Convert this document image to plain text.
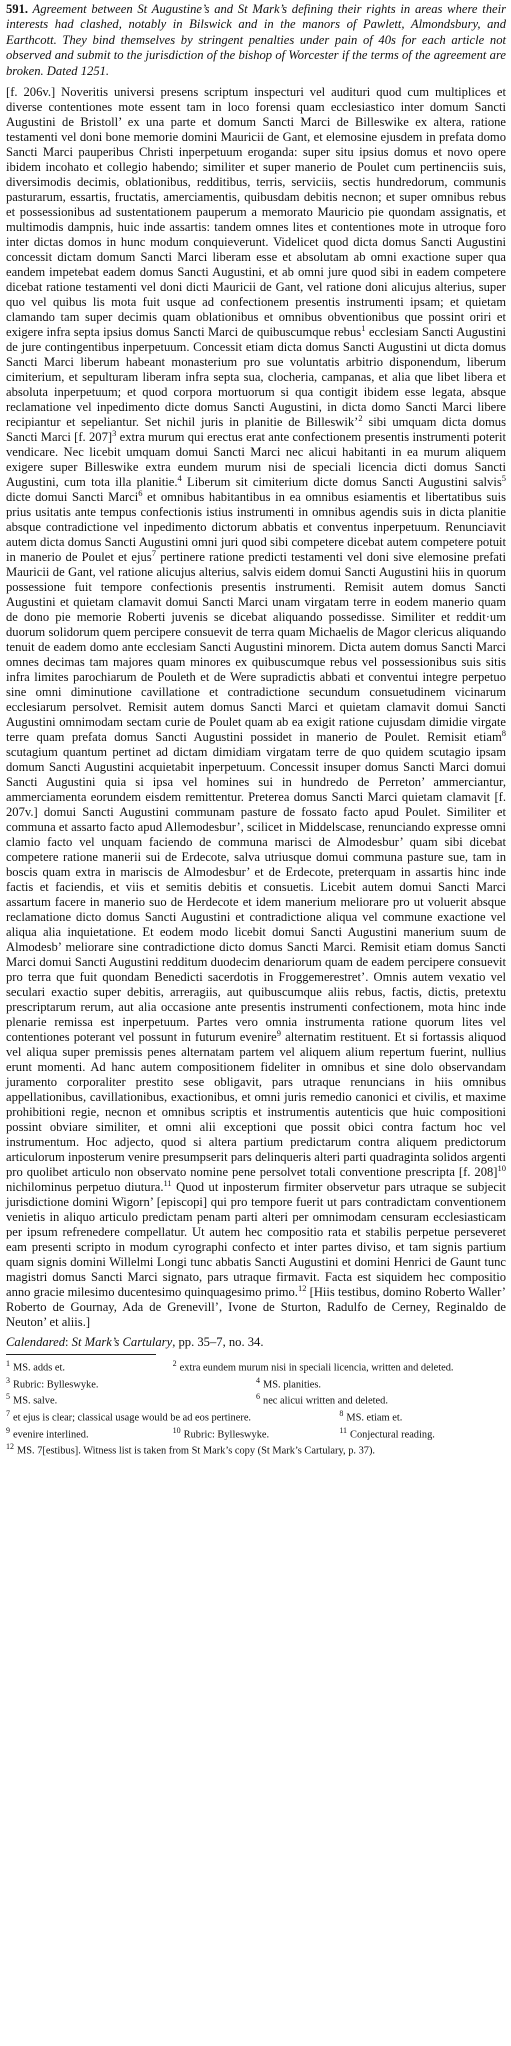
591. Agreement between St Augustine’s and St Mark’s defining their rights in areas where their interests had clashed, notably in Bilswick and in the manors of Pawlett, Almondsbury, and Earthcott. They bind themselves by stringent penalties under pain of 40s for each article not observed and submit to the jurisdiction of the bishop of Worcester if the terms of the agreement are broken. Dated 1251.

[f. 206v.] Noveritis universi presens scriptum inspecturi vel audituri quod cum multiplices et diverse contentiones mote essent tam in loco forensi quam ecclesiastico inter domum Sancti Augustini de Bristoll’ ex una parte et domum Sancti Marci de Billeswike ex altera, ratione testamenti vel doni bone memorie domini Mauricii de Gant, et elemosine ejusdem in prefata domo Sancti Marci pauperibus Christi inperpetuum eroganda: super situ ipsius domus et novo opere ibidem incohato et collegio habendo; similiter et super manerio de Poulet cum pertinenciis suis, diversimodis decimis, oblationibus, redditibus, terris, serviciis, sectis hundredorum, communis pasturarum, essartis, fructatis, amerciamentis, quibusdam debitis necnon; et super omnibus rebus et possessionibus ad sustentationem pauperum a memorato Mauricio pie quondam assignatis, et multimodis dampnis, huic inde assartis: tandem omnes lites et contentiones mote in utroque foro inter dictas domos in hunc modum conquieverunt. Videlicet quod dicta domus Sancti Augustini concessit dictam domum Sancti Marci liberam esse et absolutam ab omni exactione super qua eandem impetebat eadem domus Sancti Augustini, et ab omni jure quod sibi in eadem competere dicebat ratione testamenti vel doni dicti Mauricii de Gant, vel ratione doni alicujus alterius, super quo vel quibus lis mota fuit usque ad confectionem presentis instrumenti ipsam; et quietam clamando tam super decimis quam oblationibus et omnibus obventionibus que possint oriri et exigere infra septa ipsius domus Sancti Marci de quibuscumque rebus$^1$ ecclesiam Sancti Augustini de jure contingentibus inperpetuum. Concessit etiam dicta domus Sancti Augustini ut dicta domus Sancti Marci liberum habeant monasterium pro sue voluntatis arbitrio disponendum, liberum cimiterium, et sepulturam liberam infra septa sua, clocheria, campanas, et alia que libet libera et absoluta inperpetuum; et quod corpora mortuorum si qua contigit ibidem esse legata, absque reclamatione vel inpedimento dicte domus Sancti Augustini, in dicta domo Sancti Marci libere recipiantur et sepeliantur. Set nichil juris in planitie de Billeswik’$^2$ sibi umquam dicta domus Sancti Marci [f. 207]$^3$ extra murum qui erectus erat ante confectionem presentis instrumenti poterit vendicare. Nec licebit umquam domui Sancti Marci nec alicui habitanti in ea murum aliquem exigere super Billeswike extra eundem murum nisi de speciali licencia dicti domus Sancti Augustini, cum tota illa planitie.$^4$ Liberum sit cimiterium dicte domus Sancti Augustini salvis$^5$ dicte domui Sancti Marci$^6$ et omnibus habitantibus in ea omnibus esiamentis et libertatibus suis prius usitatis ante tempus confectionis istius instrumenti in omnibus agendis suis in dicta planitie absque contradictione vel inpedimento dictorum abbatis et conventus inperpetuum. Renunciavit autem dicta domus Sancti Augustini omni juri quod sibi competere dicebat autem competere potuit in manerio de Poulet et ejus$^7$ pertinere ratione predicti testamenti vel doni sive elemosine prefati Mauricii de Gant, vel ratione alicujus alterius, salvis eidem domui Sancti Augustini hiis in quorum possessione fuit tempore confectionis presentis instrumenti. Remisit autem domus Sancti Augustini et quietam clamavit domui Sancti Marci unam virgatam terre in eodem manerio quam de dono pie memorie Roberti juvenis se dicebat aliquando possedisse. Similiter et reddit·um duorum solidorum quem percipere consuevit de terra quam Michaelis de Magor clericus aliquando tenuit de eadem domo ante ecclesiam Sancti Augustini minorem. Dicta autem domus Sancti Marci omnes decimas tam majores quam minores ex quibuscumque rebus vel possessionibus suis sitis infra limites parochiarum de Pouleth et de Were supradictis abbati et conventui integre perpetuo sine omni diminutione cavillatione et contradictione secundum consuetudinem vicinarum ecclesiarum persolvet. Remisit autem domus Sancti Marci et quietam clamavit domui Sancti Augustini omnimodam sectam curie de Poulet quam ab ea exigit ratione cujusdam dimidie virgate terre quam prefata domus Sancti Augustini possidet in manerio de Poulet. Remisit etiam$^8$ scutagium quantum pertinet ad dictam dimidiam virgatam terre de quo quidem scutagio ipsam domum Sancti Augustini acquietabit inperpetuum. Concessit insuper domus Sancti Marci domui Sancti Augustini quia si ipsa vel homines sui in hundredo de Perreton’ ammerciantur, ammerciamenta eorundem eisdem remittentur. Preterea domus Sancti Marci quietam clamavit [f. 207v.] domui Sancti Augustini communam pasture de fossato facto apud Poulet. Similiter et communa et assarto facto apud Allemodesbur’, scilicet in Middelscase, renunciando expresse omni clamio facto vel unquam faciendo de communa marisci de Almodesbur’ quam sibi dicebat competere ratione manerii sui de Erdecote, salva utriusque domui communa pasture sue, tam in boscis quam extra in mariscis de Almodesbur’ et de Erdecote, preterquam in assartis hinc inde factis et faciendis, et viis et semitis debitis et consuetis. Licebit autem domui Sancti Marci assartum facere in manerio suo de Herdecote et idem manerium meliorare pro ut voluerit absque reclamatione dicto domus Sancti Augustini et contradictione aliqua vel commune exactione vel aliqua alia inquietatione. Et eodem modo licebit domui Sancti Augustini manerium suum de Almodesb’ meliorare sine contradictione dicto domus Sancti Marci. Remisit etiam domus Sancti Marci domui Sancti Augustini redditum duodecim denariorum quam de eadem percipere consuevit pro terra que fuit quondam Benedicti sacerdotis in Froggemerestret’. Omnis autem vexatio vel seculari exactio super debitis, arreragiis, aut quibuscumque aliis rebus, factis, dictis, pretextu prescriptarum rerum, aut alia occasione ante presentis instrumenti confectionem, mota hinc inde plenarie remissa est inperpetuum. Partes vero omnia instrumenta ratione quorum lites vel contentiones poterant vel possunt in futurum evenire$^9$ alternatim restituent. Et si fortassis aliquod vel aliqua super premissis penes alternatam partem vel aliquem alium repertum fuerint, nullius erunt momenti. Ad hanc autem compositionem fideliter in omnibus et sine dolo observandam juramento corporaliter prestito sese obligavit, pars utraque renuncians in hiis omnibus appellationibus, cavillationibus, exactionibus, et omni juris remedio canonici et civilis, et maxime prohibitioni regie, necnon et omnibus scriptis et instrumentis autenticis que huic compositioni possint obviare similiter, et omni alii exceptioni que possit obici contra factum hoc vel instrumentum. Hoc adjecto, quod si altera partium predictarum contra aliquem predictorum articulorum inposterum venire presumpserit pars delinqueris alteri parti quadraginta solidos argenti pro quolibet articulo non observato nomine pene persolvet totali conventione prescripta [f. 208]$^{10}$ nichilominus perpetuo diutura.$^{11}$ Quod ut inposterum firmiter observetur pars utraque se subjecit jurisdictione domini Wigorn’ [episcopi] qui pro tempore fuerit ut pars contradictam conventionem venietis in aliquo articulo predictam penam parti alteri per omnimodam censuram ecclesiasticam per ipsum refrenedere compellatur. Ut autem hec compositio rata et stabilis perpetue perseveret eam presenti scripto in modum cyrographi confecto et inter partes diviso, et tam signis partium quam signis domini Willelmi Longi tunc abbatis Sancti Augustini et domini Henrici de Gaunt tunc magistri domus Sancti Marci signato, pars utraque firmavit. Facta est siquidem hec compositio anno gracie milesimo ducentesimo quinquagesimo primo.$^{12}$ [Hiis testibus, domino Roberto Waller’ Roberto de Gournay, Ada de Grenevill’, Ivone de Sturton, Radulfo de Cerney, Reginaldo de Neuton’ et aliis.]

Calendared: St Mark’s Cartulary, pp. 35–7, no. 34.
$^1$ MS. adds et.	$^2$ extra eundem murum nisi in speciali licencia, written and deleted.
$^3$ Rubric: Bylleswyke.	$^4$ MS. planities.
$^5$ MS. salve.	$^6$ nec alicui written and deleted.
$^7$ et ejus is clear; classical usage would be ad eos pertinere.	$^8$ MS. etiam et.
$^9$ evenire interlined.	$^{10}$ Rubric: Bylleswyke.	$^{11}$ Conjectural reading.
$^{12}$ MS. 7[estibus]. Witness list is taken from St Mark’s copy (St Mark’s Cartulary, p. 37).
